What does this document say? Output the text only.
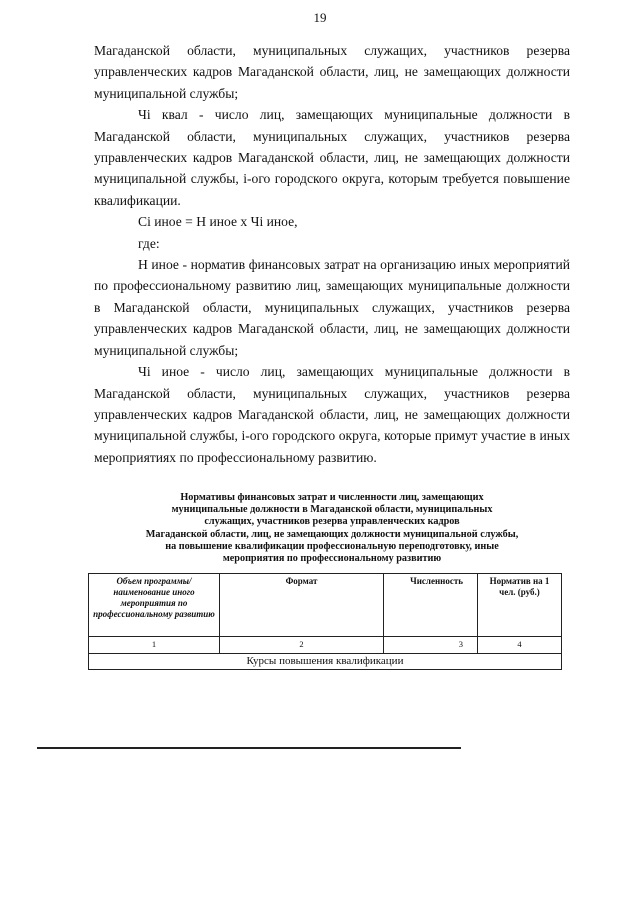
19

Магаданской области, муниципальных служащих, участников резерва управленческих кадров Магаданской области, лиц, не замещающих должности муниципальной службы;

Чi квал - число лиц, замещающих муниципальные должности в Магаданской области, муниципальных служащих, участников резерва управленческих кадров Магаданской области, лиц, не замещающих должности муниципальной службы, i-ого городского округа, которым требуется повышение квалификации.

Ci иное = Н иное х Чi иное,

где:

Н иное - норматив финансовых затрат на организацию иных мероприятий по профессиональному развитию лиц, замещающих муниципальные должности в Магаданской области, муниципальных служащих, участников резерва управленческих кадров Магаданской области, лиц, не замещающих должности муниципальной службы;

Чi иное - число лиц, замещающих муниципальные должности в Магаданской области, муниципальных служащих, участников резерва управленческих кадров Магаданской области, лиц, не замещающих должности муниципальной службы, i-ого городского округа, которые примут участие в иных мероприятиях по профессиональному развитию.

Нормативы финансовых затрат и численности лиц, замещающих
муниципальные должности в Магаданской области, муниципальных
служащих, участников резерва управленческих кадров
Магаданской области, лиц, не замещающих должности муниципальной службы,
на повышение квалификации профессиональную переподготовку, иные
мероприятия по профессиональному развитию
Объем программы/наименование иного мероприятия по профессиональному развитию	Формат	Численность	Норматив на 1 чел. (руб.)
1	2	3	4
Курсы повышения квалификации			
